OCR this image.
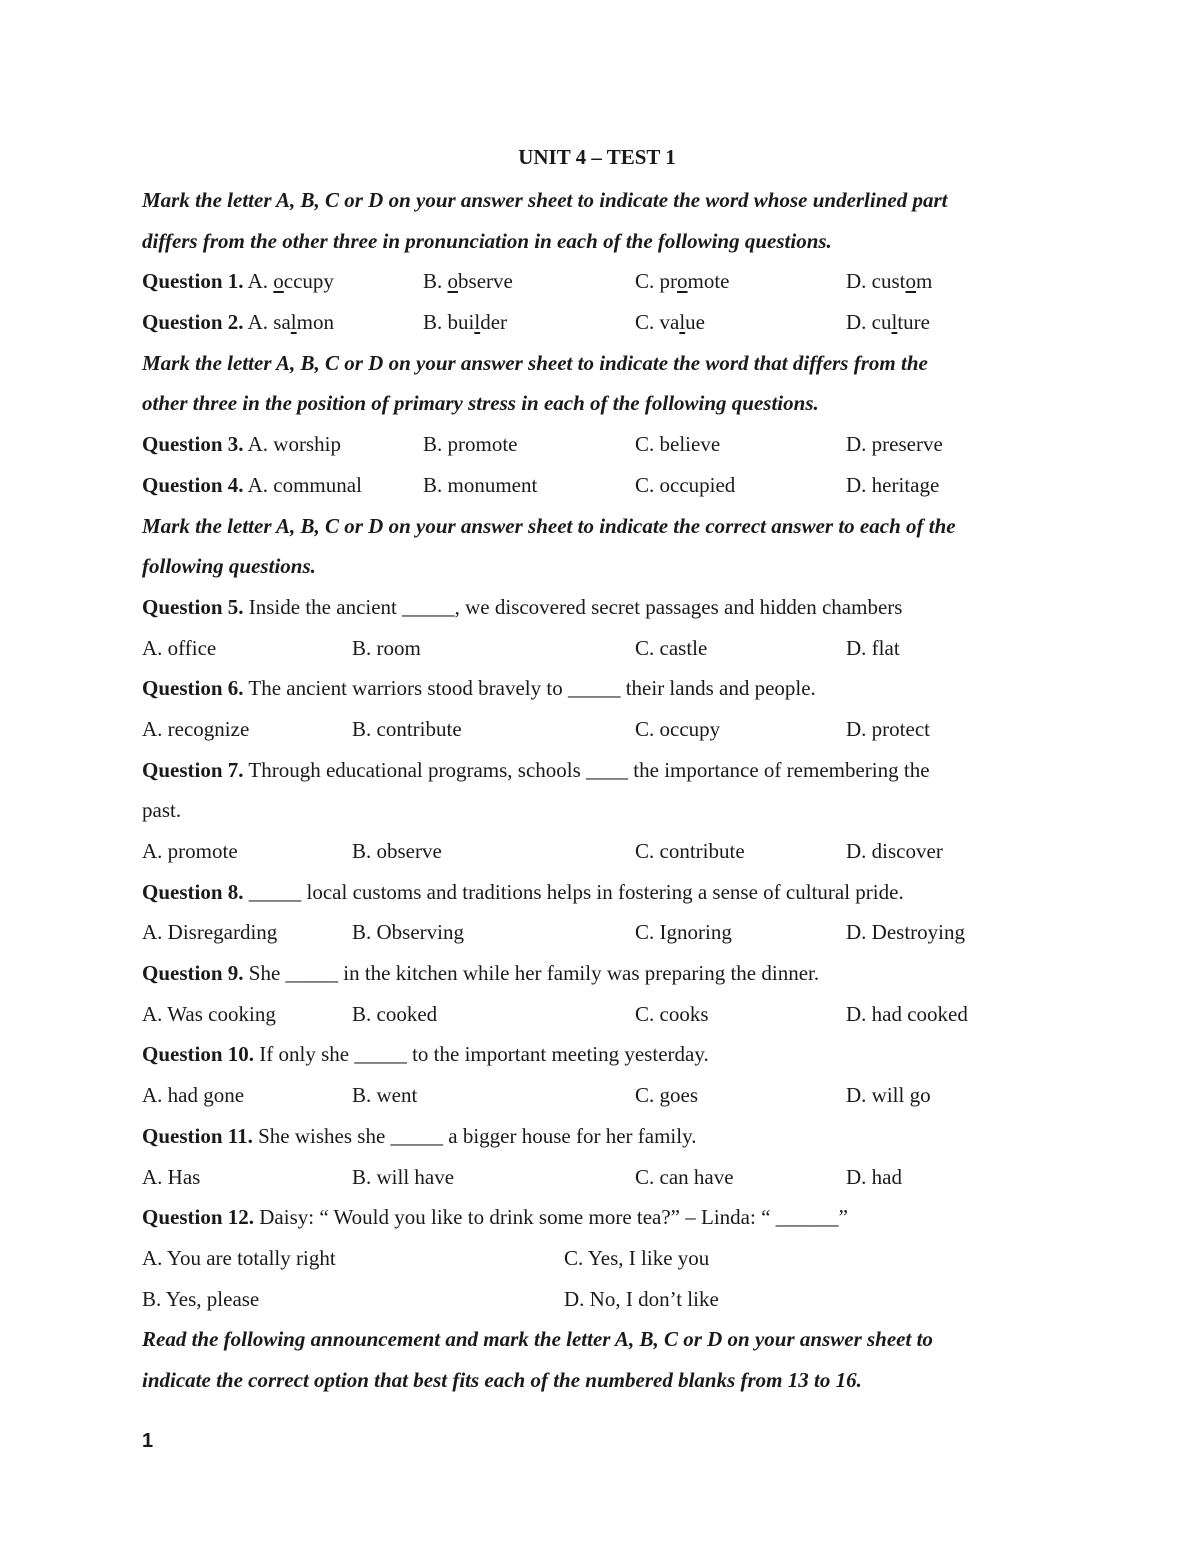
UNIT 4 – TEST 1
Mark the letter A, B, C or D on your answer sheet to indicate the word whose underlined part
differs from the other three in pronunciation in each of the following questions.
Question 1. A. occupy	B. observe	C. promote	D. custom
Question 2. A. salmon	B. builder	C. value	D. culture
Mark the letter A, B, C or D on your answer sheet to indicate the word that differs from the
other three in the position of primary stress in each of the following questions.
Question 3. A. worship	B. promote	C. believe	D. preserve
Question 4. A. communal	B. monument	C. occupied	D. heritage
Mark the letter A, B, C or D on your answer sheet to indicate the correct answer to each of the
following questions.
Question 5. Inside the ancient _____, we discovered secret passages and hidden chambers
A. office	B. room	C. castle	D. flat
Question 6. The ancient warriors stood bravely to _____ their lands and people.
A. recognize	B. contribute	C. occupy	D. protect
Question 7. Through educational programs, schools ____ the importance of remembering the
past.
A. promote	B. observe	C. contribute	D. discover
Question 8. _____ local customs and traditions helps in fostering a sense of cultural pride.
A. Disregarding	B. Observing	C. Ignoring	D. Destroying
Question 9. She _____ in the kitchen while her family was preparing the dinner.
A. Was cooking	B. cooked	C. cooks	D. had cooked
Question 10. If only she _____ to the important meeting yesterday.
A. had gone	B. went	C. goes	D. will go
Question 11. She wishes she _____ a bigger house for her family.
A. Has	B. will have	C. can have	D. had
Question 12. Daisy: “ Would you like to drink some more tea?” – Linda: “ ______”
A. You are totally right	C. Yes, I like you
B. Yes, please	D. No, I don’t like
Read the following announcement and mark the letter A, B, C or D on your answer sheet to
indicate the correct option that best fits each of the numbered blanks from 13 to 16.
1
